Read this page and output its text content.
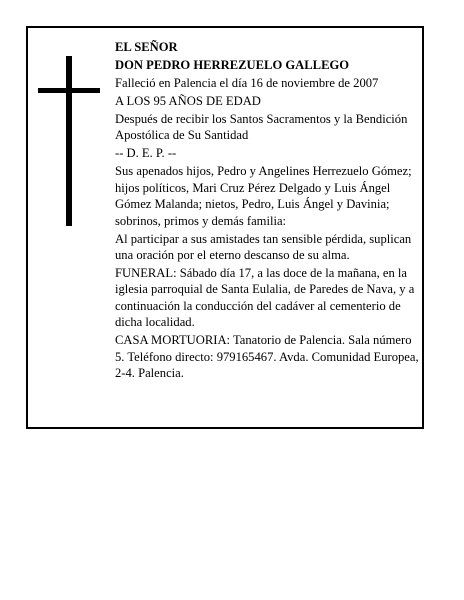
EL SEÑOR

DON PEDRO HERREZUELO GALLEGO

Falleció en Palencia el día 16 de noviembre de 2007

A LOS 95 AÑOS DE EDAD

Después de recibir los Santos Sacramentos y la Bendición Apostólica de Su Santidad

-- D. E. P. --

Sus apenados hijos, Pedro y Angelines Herrezuelo Gómez; hijos políticos, Mari Cruz Pérez Delgado y Luis Ángel Gómez Malanda; nietos, Pedro, Luis Ángel y Davinia; sobrinos, primos y demás familia:

Al participar a sus amistades tan sensible pérdida, suplican una oración por el eterno descanso de su alma.

FUNERAL: Sábado día 17, a las doce de la mañana, en la iglesia parroquial de Santa Eulalia, de Paredes de Nava, y a continuación la conducción del cadáver al cementerio de dicha localidad.

CASA MORTUORIA: Tanatorio de Palencia. Sala número 5. Teléfono directo: 979165467. Avda. Comunidad Europea, 2-4. Palencia.
